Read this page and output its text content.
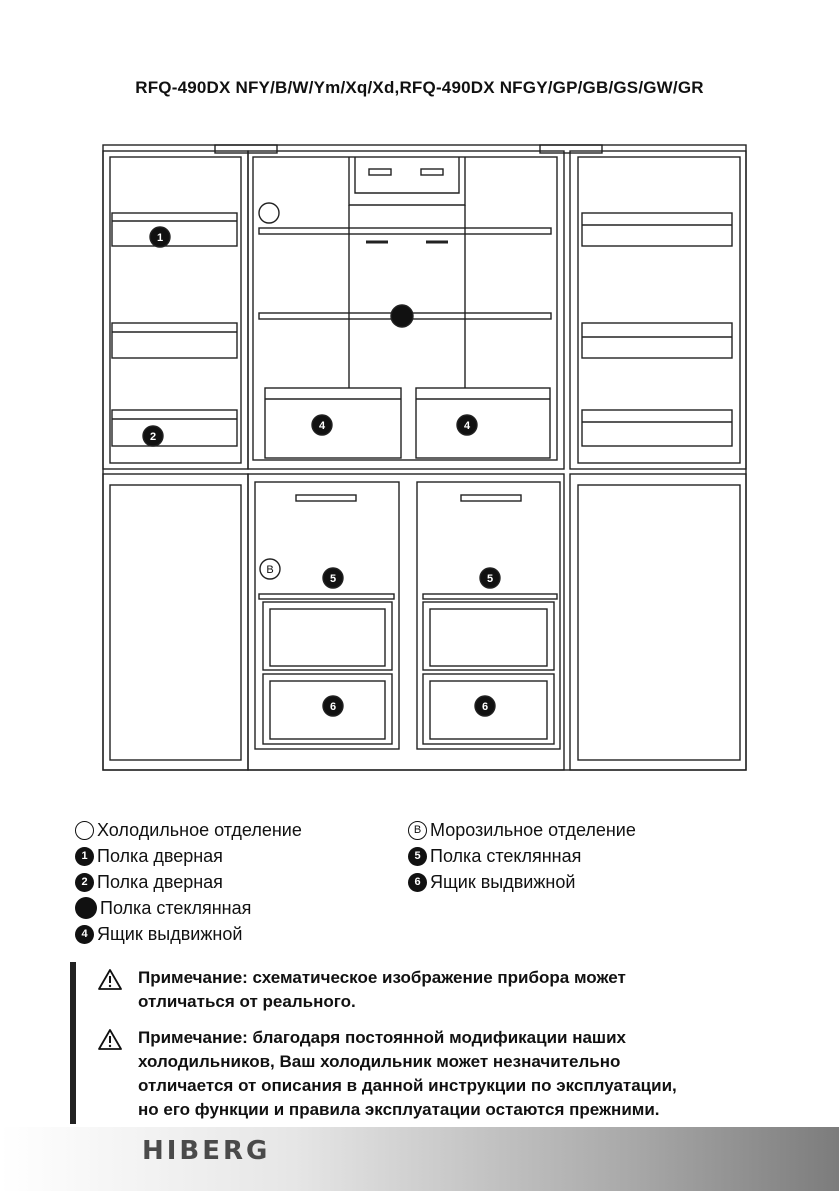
RFQ-490DX NFY/B/W/Ym/Xq/Xd,RFQ-490DX NFGY/GP/GB/GS/GW/GR
1
2
4	4
B
5	5
6	6
Холодильное отделение
1 Полка дверная
2 Полка дверная
Полка стеклянная
4 Ящик выдвижной
B Морозильное отделение
5 Полка стеклянная
6 Ящик выдвижной
Примечание: схематическое изображение прибора может
отличаться от реального.
Примечание: благодаря постоянной модификации наших
холодильников, Ваш холодильник может незначительно
отличается от описания в данной инструкции по эксплуатации,
но его функции и правила эксплуатации остаются прежними.
HIBERG
